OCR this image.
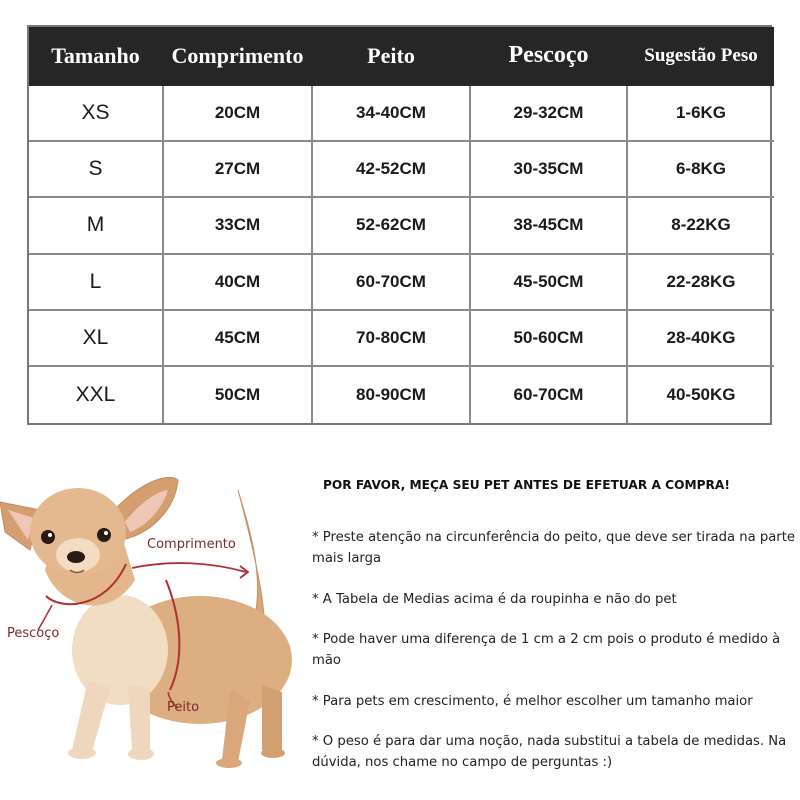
Tamanho	Comprimento	Peito	Pescoço	Sugestão Peso
XS	20CM	34-40CM	29-32CM	1-6KG
S	27CM	42-52CM	30-35CM	6-8KG
M	33CM	52-62CM	38-45CM	8-22KG
L	40CM	60-70CM	45-50CM	22-28KG
XL	45CM	70-80CM	50-60CM	28-40KG
XXL	50CM	80-90CM	60-70CM	40-50KG
Comprimento
Pescoço
Peito
POR FAVOR, MEÇA SEU PET ANTES DE EFETUAR A COMPRA!
* Preste atenção na circunferência do peito, que deve ser tirada na parte mais larga
* A Tabela de Medias acima é da roupinha e não do pet
* Pode haver uma diferença de 1 cm a 2 cm pois o produto é medido à mão
* Para pets em crescimento, é melhor escolher um tamanho maior
* O peso é para dar uma noção, nada substitui a tabela de medidas. Na dúvida, nos chame no campo de perguntas :)
